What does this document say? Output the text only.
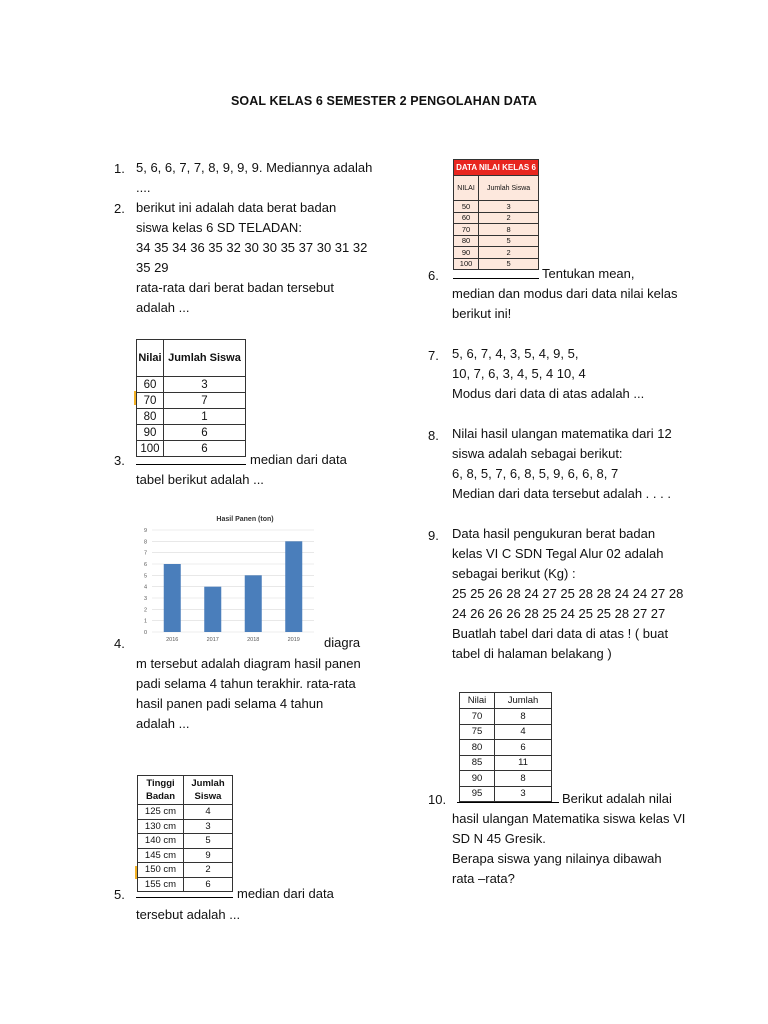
SOAL KELAS 6 SEMESTER 2 PENGOLAHAN DATA
1. 5, 6, 6, 7, 7, 8, 9, 9, 9. Mediannya adalah
....
2. berikut ini adalah data berat badan
siswa kelas 6 SD TELADAN:
34 35 34 36 35 32 30 30 35 37 30 31 32
35 29
rata-rata dari berat badan tersebut
adalah ...
Nilai	Jumlah Siswa
60	3
70	7
80	1
90	6
100	6
3.	median dari data
tabel berikut adalah ...
Hasil Panen (ton)
0
1
2
3
4
5
6
7
8
9
2016	2017	2018	2019
4.	diagra
m tersebut adalah diagram hasil panen
padi selama 4 tahun terakhir. rata-rata
hasil panen padi selama 4 tahun
adalah ...
Tinggi
Badan	Jumlah
Siswa
125 cm	4
130 cm	3
140 cm	5
145 cm	9
150 cm	2
155 cm	6
5.	median dari data
tersebut adalah ...
DATA NILAI KELAS 6	
NILAI	Jumlah Siswa
50	3
60	2
70	8
80	5
90	2
100	5
6.	Tentukan mean,
median dan modus dari data nilai kelas
berikut ini!
7. 5, 6, 7, 4, 3, 5, 4, 9, 5,
10, 7, 6, 3, 4, 5, 4 10, 4
Modus dari data di atas adalah ...
8. Nilai hasil ulangan matematika dari 12
siswa adalah sebagai berikut:
6, 8, 5, 7, 6, 8, 5, 9, 6, 6, 8, 7
Median dari data tersebut adalah . . . .
9. Data hasil pengukuran berat badan
kelas VI C SDN Tegal Alur 02 adalah
sebagai berikut (Kg) :
25 25 26 28 24 27 25 28 28 24 24 27 28
24 26 26 26 28 25 24 25 25 28 27 27
Buatlah tabel dari data di atas ! ( buat
tabel di halaman belakang )
Nilai	Jumlah
70	8
75	4
80	6
85	11
90	8
95	3
10.	Berikut adalah nilai
hasil ulangan Matematika siswa kelas VI
SD N 45 Gresik.
Berapa siswa yang nilainya dibawah
rata –rata?
